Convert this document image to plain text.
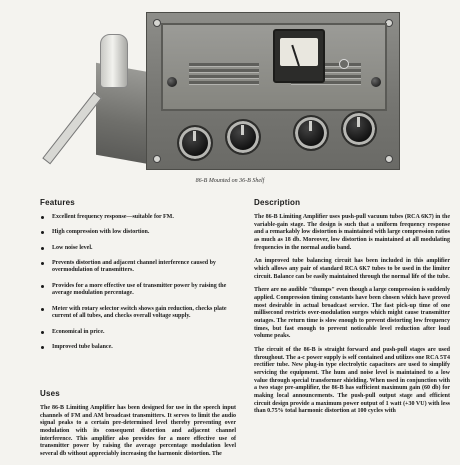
86-B Mounted on 36-B Shelf
Features
Excellent frequency response—suitable for FM.
High compression with low distortion.
Low noise level.
Prevents distortion and adjacent channel interference caused by overmodulation of transmitters.
Provides for a more effective use of transmitter power by raising the average modulation percentage.
Meter with rotary selector switch shows gain reduction, checks plate current of all tubes, and checks overall voltage supply.
Economical in price.
Improved tube balance.
Uses

The 86-B Limiting Amplifier has been designed for use in the speech input channels of FM and AM broadcast transmitters. It serves to limit the audio signal peaks to a certain pre-determined level thereby preventing over modulation with its consequent distortion and adjacent channel interference. This amplifier also provides for a more effective use of transmitter power by raising the average percentage modulation level several db without appreciably increasing the harmonic distortion. The

Description

The 86-B Limiting Amplifier uses push-pull vacuum tubes (RCA 6K7) in the variable-gain stage. The design is such that a uniform frequency response and a remarkably low distortion is maintained with large compression ratios as much as 18 db. Moreover, low distortion is maintained at all modulating frequencies in the normal audio band.

An improved tube balancing circuit has been included in this amplifier which allows any pair of standard RCA 6K7 tubes to be used in the limiter circuit. Balance can be easily maintained through the normal life of the tube.

There are no audible "thumps" even though a large compression is suddenly applied. Compression timing constants have been chosen which have proved most desirable in actual broadcast service. The fast pick-up time of one millisecond restricts over-modulation surges which might cause transmitter outages. The return time is slow enough to prevent distorting low frequency times, but fast enough to prevent noticeable level reduction after loud volume peaks.

The circuit of the 86-B is straight forward and push-pull stages are used throughout. The a-c power supply is self contained and utilizes one RCA 5T4 rectifier tube. New plug-in type electrolytic capacitors are used to simplify servicing the equipment. The hum and noise level is maintained to a low value through special transformer shielding. When used in conjunction with a two stage pre-amplifier, the 86-B has sufficient maximum gain (60 db) for making local announcements. The push-pull output stage and efficient circuit design provide a maximum power output of 1 watt (+30 VU) with less than 0.75% total harmonic distortion at 100 cycles with
